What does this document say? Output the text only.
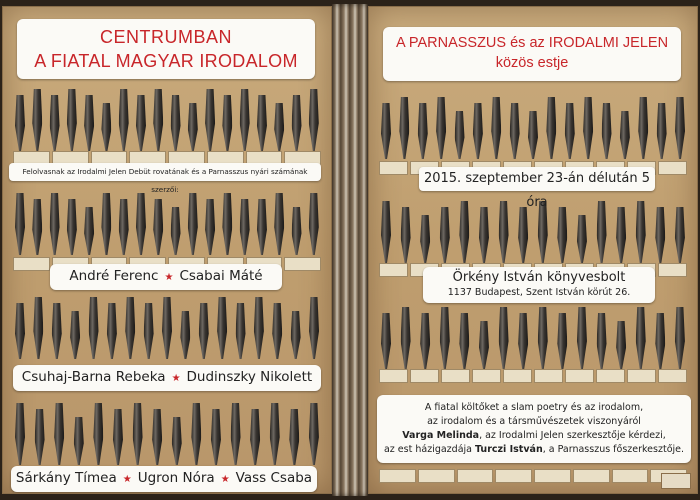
CENTRUMBAN
A FIATAL MAGYAR IRODALOM
Felolvasnak az Irodalmi Jelen Debüt rovatának és a Parnasszus nyári számának szerzői:
André Ferenc ★ Csabai Máté
Csuhaj-Barna Rebeka ★ Dudinszky Nikolett
Sárkány Tímea ★ Ugron Nóra ★ Vass Csaba
A PARNASSZUS és az IRODALMI JELEN
közös estje
2015. szeptember 23-án délután 5 óra
Örkény István könyvesbolt
1137 Budapest, Szent István körút 26.
A fiatal költőket a slam poetry és az irodalom,
az irodalom és a társművészetek viszonyáról
Varga Melinda, az Irodalmi Jelen szerkesztője kérdezi,
az est házigazdája Turczi István, a Parnasszus főszerkesztője.
